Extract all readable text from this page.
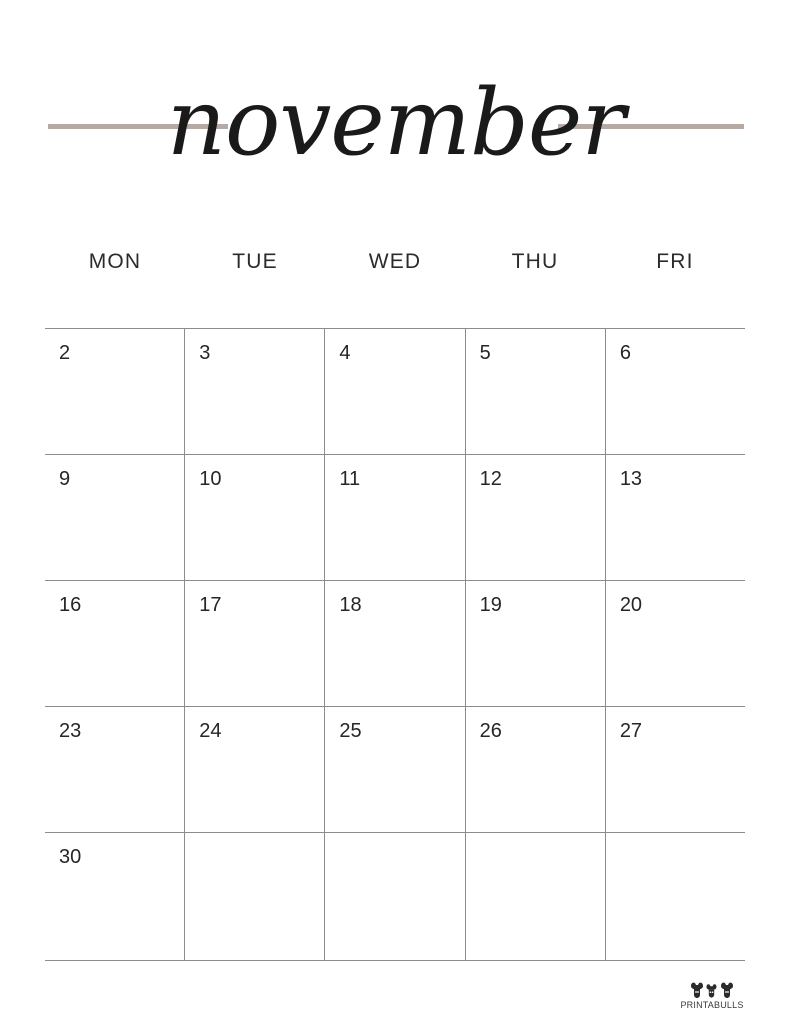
november
MON	TUE	WED	THU	FRI
2	3	4	5	6
9	10	11	12	13
16	17	18	19	20
23	24	25	26	27
30
PRINTABULLS
